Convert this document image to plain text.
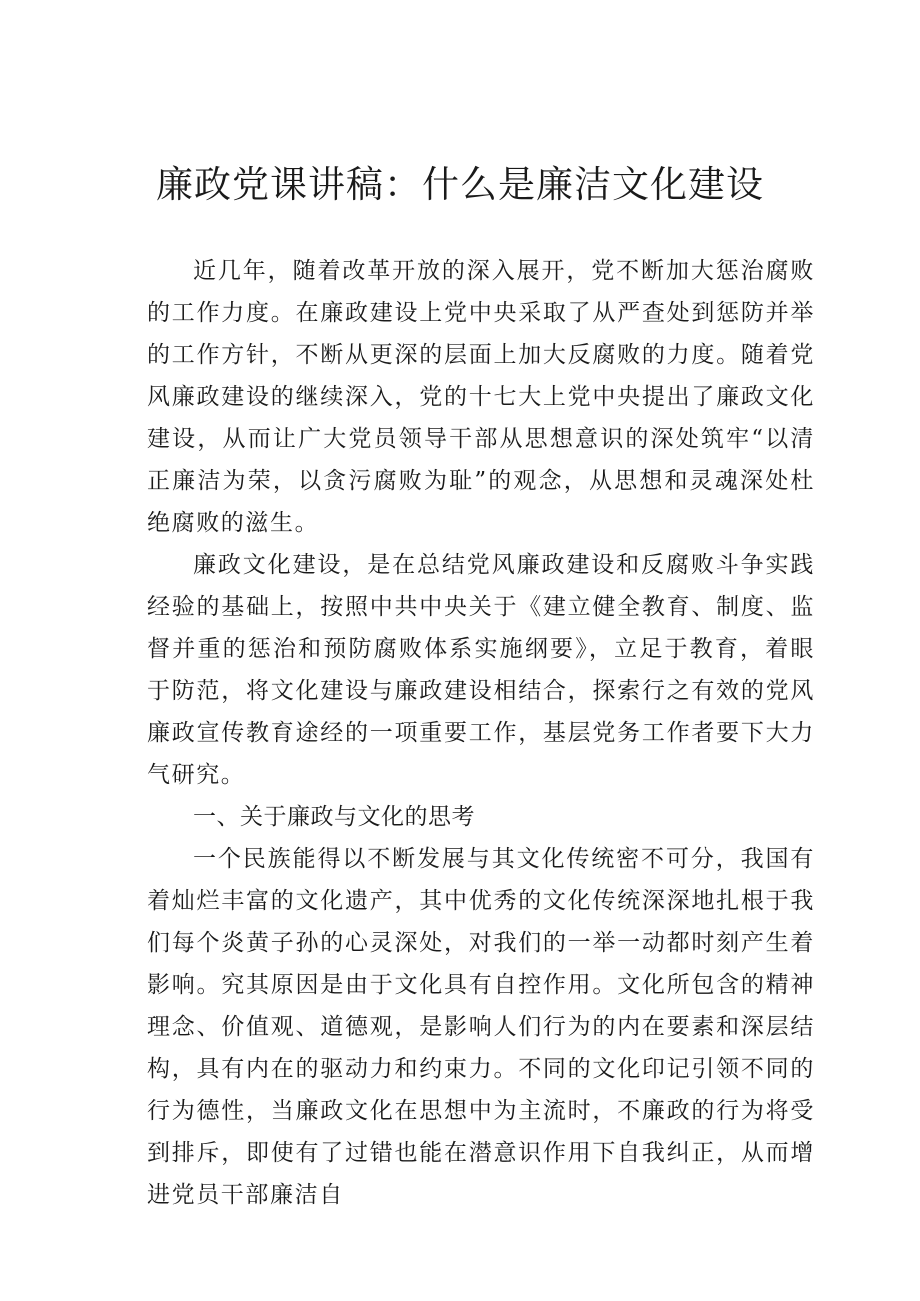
廉政党课讲稿：什么是廉洁文化建设

近几年，随着改革开放的深入展开，党不断加大惩治腐败的工作力度。在廉政建设上党中央采取了从严查处到惩防并举的工作方针，不断从更深的层面上加大反腐败的力度。随着党风廉政建设的继续深入，党的十七大上党中央提出了廉政文化建设，从而让广大党员领导干部从思想意识的深处筑牢“以清正廉洁为荣，以贪污腐败为耻”的观念，从思想和灵魂深处杜绝腐败的滋生。

廉政文化建设，是在总结党风廉政建设和反腐败斗争实践经验的基础上，按照中共中央关于《建立健全教育、制度、监督并重的惩治和预防腐败体系实施纲要》，立足于教育，着眼于防范，将文化建设与廉政建设相结合，探索行之有效的党风廉政宣传教育途经的一项重要工作，基层党务工作者要下大力气研究。

一、关于廉政与文化的思考

一个民族能得以不断发展与其文化传统密不可分，我国有着灿烂丰富的文化遗产，其中优秀的文化传统深深地扎根于我们每个炎黄子孙的心灵深处，对我们的一举一动都时刻产生着影响。究其原因是由于文化具有自控作用。文化所包含的精神理念、价值观、道德观，是影响人们行为的内在要素和深层结构，具有内在的驱动力和约束力。不同的文化印记引领不同的行为德性，当廉政文化在思想中为主流时，不廉政的行为将受到排斥，即使有了过错也能在潜意识作用下自我纠正，从而增进党员干部廉洁自
